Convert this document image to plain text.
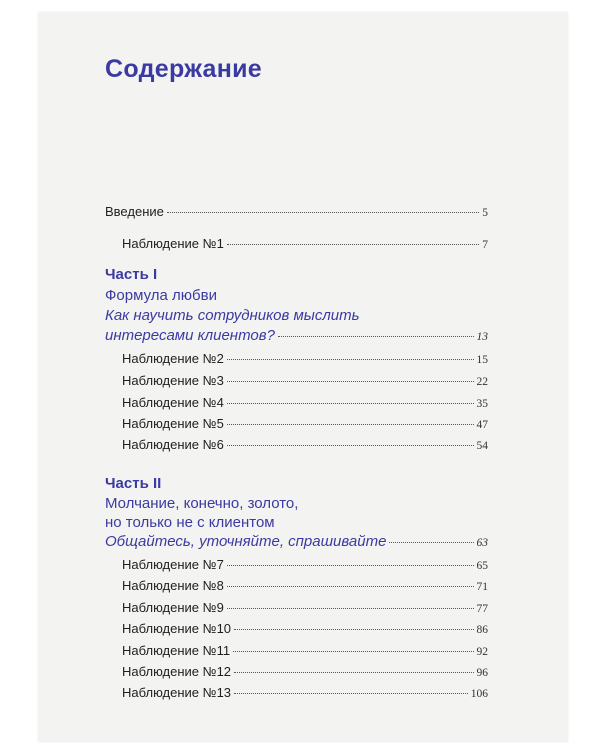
Содержание
Введение	5
Наблюдение №1	7
Часть I
Формула любви
Как научить сотрудников мыслить
интересами клиентов?	13
Наблюдение №2	15
Наблюдение №3	22
Наблюдение №4	35
Наблюдение №5	47
Наблюдение №6	54
Часть II
Молчание, конечно, золото,
но только не с клиентом
Общайтесь, уточняйте, спрашивайте	63
Наблюдение №7	65
Наблюдение №8	71
Наблюдение №9	77
Наблюдение №10	86
Наблюдение №11	92
Наблюдение №12	96
Наблюдение №13	106
